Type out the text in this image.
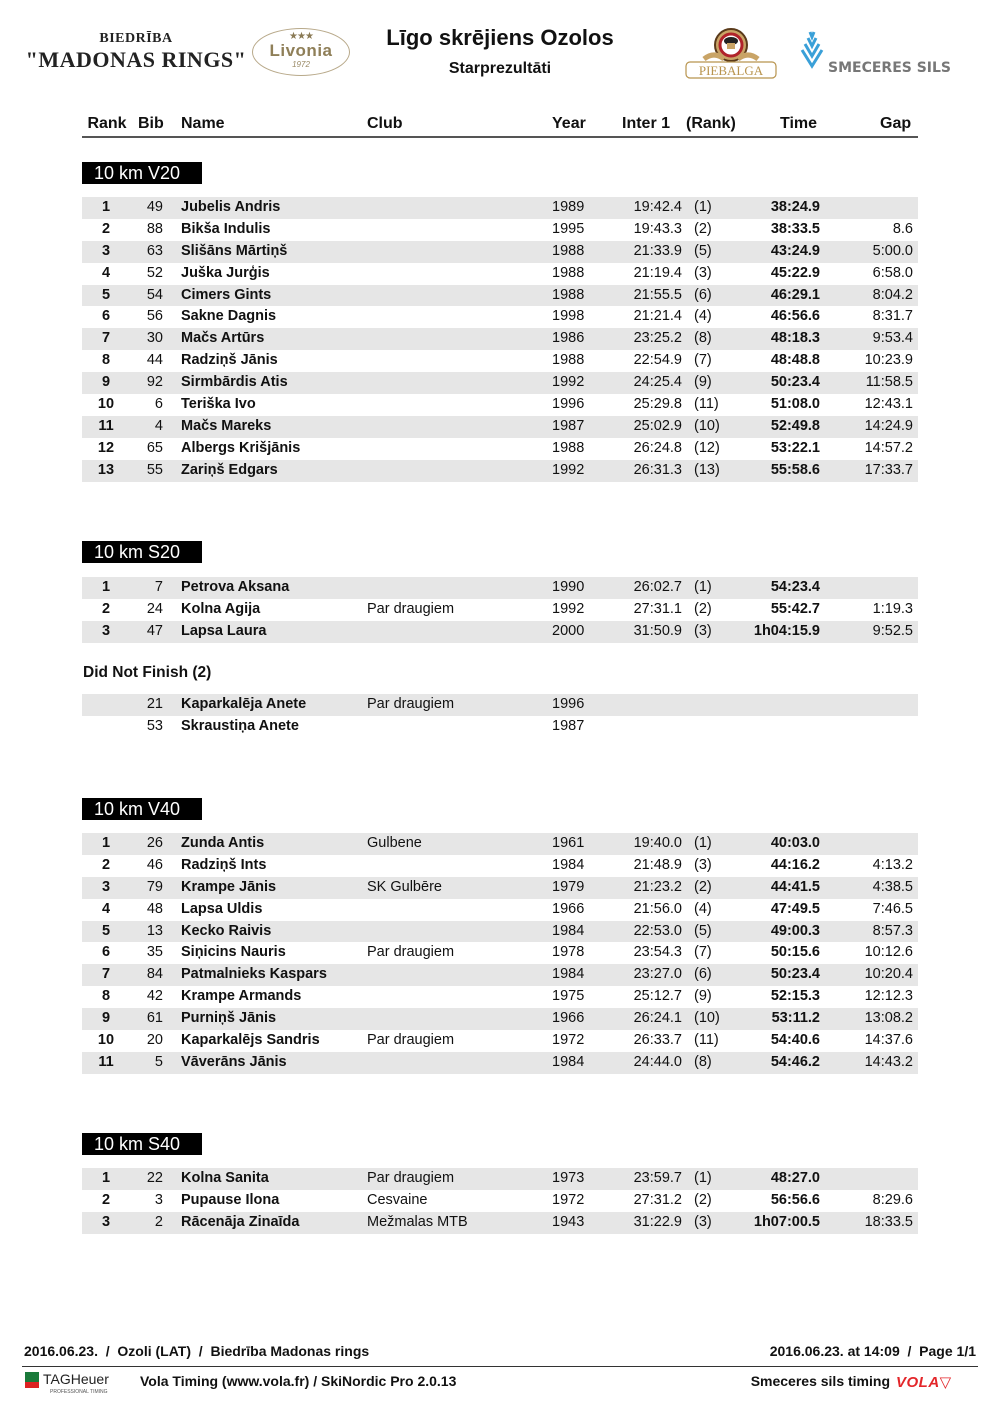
BIEDRĪBA
"MADONAS RINGS"
★★★
Livonia
1972
Līgo skrējiens Ozolos
Starprezultāti	PIEBALGA	SMECERES SILS
Rank Bib Name	Club	Year Inter 1 (Rank)	Time	Gap
10 km V20
1	49 Jubelis Andris	1989	19:42.4 (1)	38:24.9
2	88 Bikša Indulis	1995	19:43.3 (2)	38:33.5	8.6
3	63 Slišāns Mārtiņš	1988	21:33.9 (5)	43:24.9	5:00.0
4	52 Juška Jurģis	1988	21:19.4 (3)	45:22.9	6:58.0
5	54 Cimers Gints	1988	21:55.5 (6)	46:29.1	8:04.2
6	56 Sakne Dagnis	1998	21:21.4 (4)	46:56.6	8:31.7
7	30 Mačs Artūrs	1986	23:25.2 (8)	48:18.3	9:53.4
8	44 Radziņš Jānis	1988	22:54.9 (7)	48:48.8	10:23.9
9	92 Sirmbārdis Atis	1992	24:25.4 (9)	50:23.4	11:58.5
10	6 Teriška Ivo	1996	25:29.8 (11)	51:08.0	12:43.1
11	4 Mačs Mareks	1987	25:02.9 (10)	52:49.8	14:24.9
12	65 Albergs Krišjānis	1988	26:24.8 (12)	53:22.1	14:57.2
13	55 Zariņš Edgars	1992	26:31.3 (13)	55:58.6	17:33.7
10 km S20
1	7 Petrova Aksana	1990	26:02.7 (1)	54:23.4
2	24 Kolna Agija	Par draugiem	1992	27:31.1 (2)	55:42.7	1:19.3
3	47 Lapsa Laura	2000	31:50.9 (3)	1h04:15.9	9:52.5
Did Not Finish (2)
21 Kaparkalēja Anete	Par draugiem	1996
53 Skraustiņa Anete	1987
10 km V40
1	26 Zunda Antis	Gulbene	1961	19:40.0 (1)	40:03.0
2	46 Radziņš Ints	1984	21:48.9 (3)	44:16.2	4:13.2
3	79 Krampe Jānis	SK Gulbēre	1979	21:23.2 (2)	44:41.5	4:38.5
4	48 Lapsa Uldis	1966	21:56.0 (4)	47:49.5	7:46.5
5	13 Kecko Raivis	1984	22:53.0 (5)	49:00.3	8:57.3
6	35 Siņicins Nauris	Par draugiem	1978	23:54.3 (7)	50:15.6	10:12.6
7	84 Patmalnieks Kaspars	1984	23:27.0 (6)	50:23.4	10:20.4
8	42 Krampe Armands	1975	25:12.7 (9)	52:15.3	12:12.3
9	61 Purniņš Jānis	1966	26:24.1 (10)	53:11.2	13:08.2
10	20 Kaparkalējs Sandris	Par draugiem	1972	26:33.7 (11)	54:40.6	14:37.6
11	5 Vāverāns Jānis	1984	24:44.0 (8)	54:46.2	14:43.2
10 km S40
1	22 Kolna Sanita	Par draugiem	1973	23:59.7 (1)	48:27.0
2	3 Pupause Ilona	Cesvaine	1972	27:31.2 (2)	56:56.6	8:29.6
3	2 Rācenāja Zinaīda	Mežmalas MTB	1943	31:22.9 (3)	1h07:00.5	18:33.5
2016.06.23.  /  Ozoli (LAT)  /  Biedrība Madonas rings	2016.06.23. at 14:09  /  Page 1/1
TAGHeuer
PROFESSIONAL TIMING
Vola Timing (www.vola.fr) / SkiNordic Pro 2.0.13	Smeceres sils timing VOLA▽
